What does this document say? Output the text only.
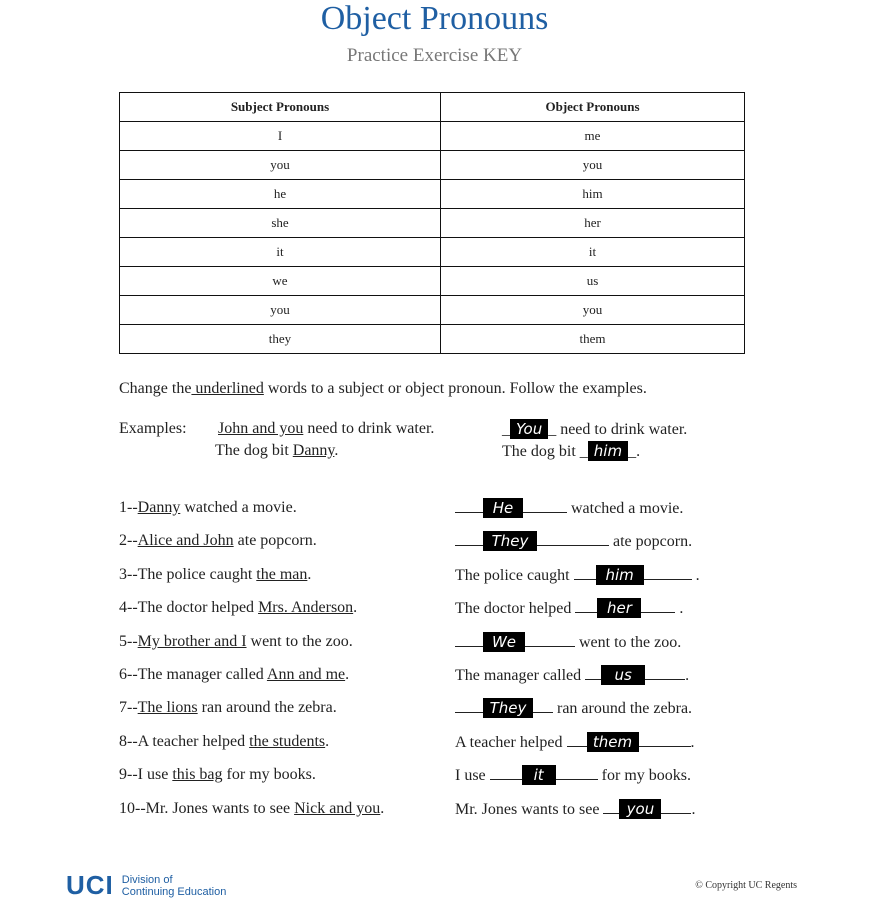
Object Pronouns
Practice Exercise KEY
Subject Pronouns	Object Pronouns
I	me
you	you
he	him
she	her
it	it
we	us
you	you
they	them
Change the underlined words to a subject or object pronoun. Follow the examples.
Examples: John and you need to drink water.	_ You _ need to drink water.
The dog bit Danny.	The dog bit _ him _.
1--Danny watched a movie.	He	watched a movie.
2--Alice and John ate popcorn.	They	ate popcorn.
3--The police caught the man.	The police caught him	.
4--The doctor helped Mrs. Anderson.	The doctor helped her	.
5--My brother and I went to the zoo.	We	went to the zoo.
6--The manager called Ann and me.	The manager called us	.
7--The lions ran around the zebra.	They ran around the zebra.
8--A teacher helped the students.	A teacher helped them	.
9--I use this bag for my books.	I use	it	for my books.
10--Mr. Jones wants to see Nick and you.	Mr. Jones wants to see you .
UCI Division of
Continuing Education	© Copyright UC Regents
